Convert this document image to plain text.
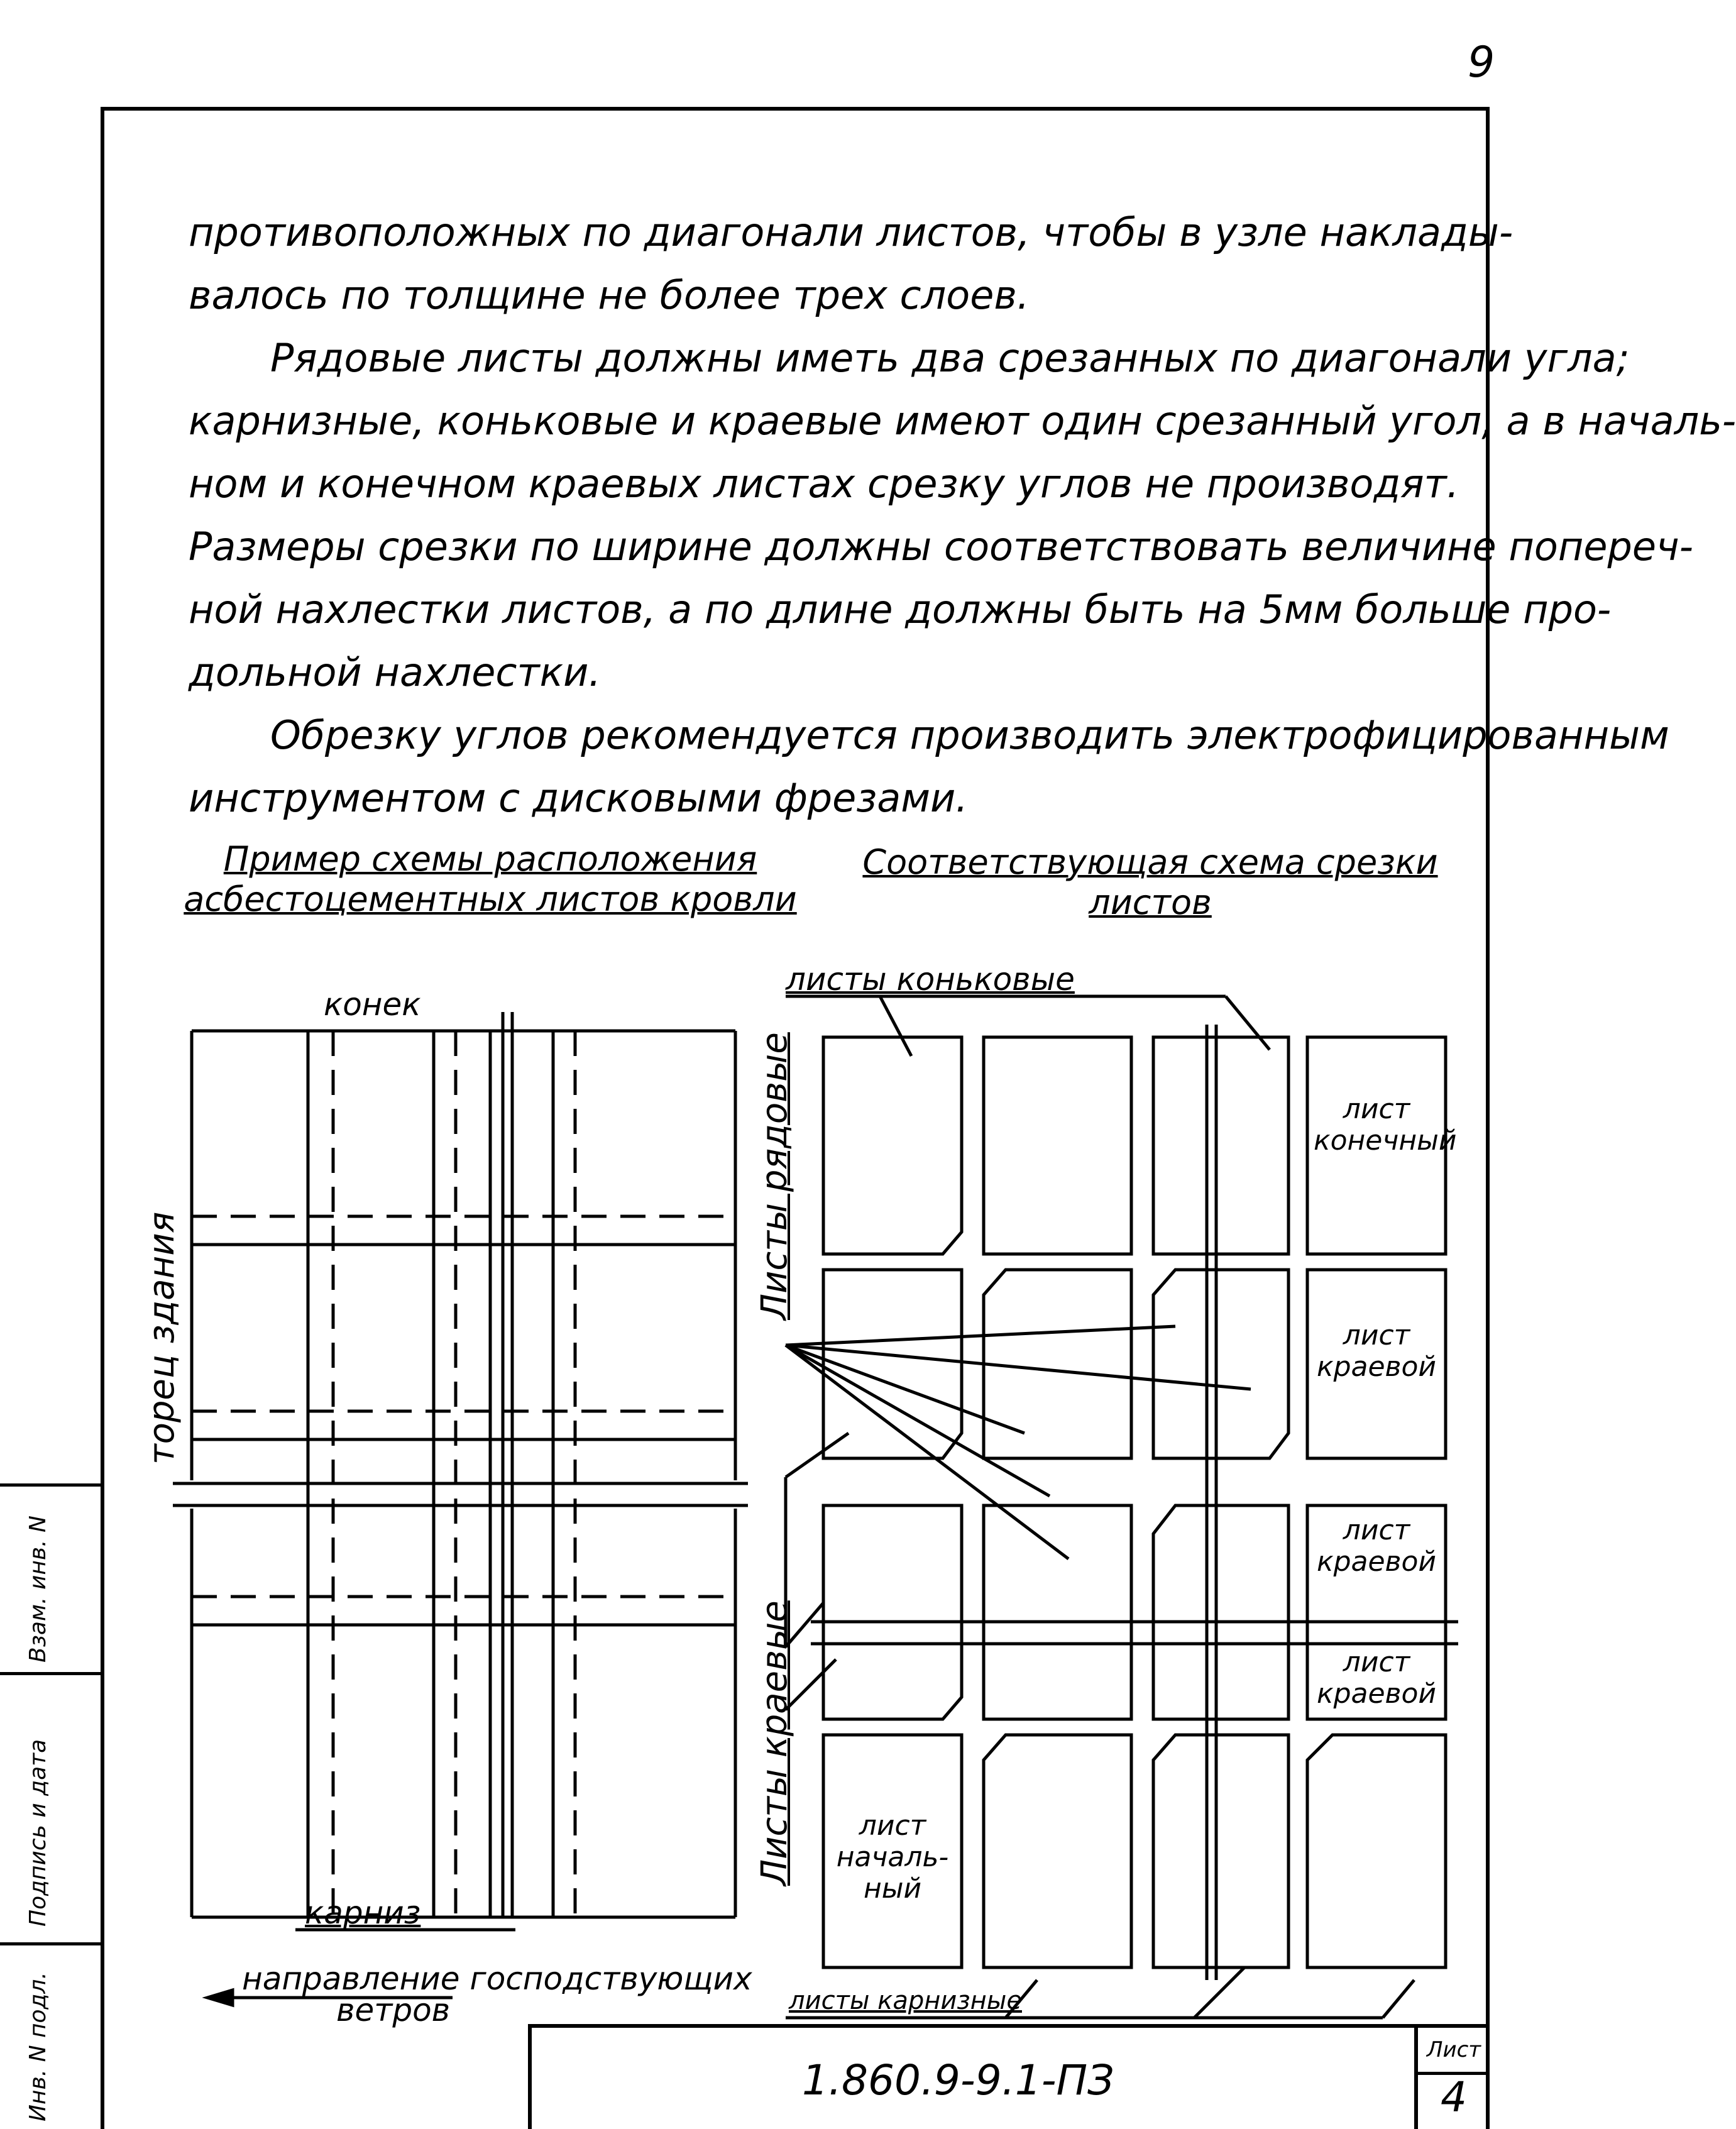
9
противоположных по диагонали листов, чтобы в узле наклады-
валось по толщине не более трех слоев.
Рядовые листы должны иметь два срезанных по диагонали угла;
карнизные, коньковые и краевые имеют один срезанный угол, а в началь-
ном и конечном краевых листах срезку углов не производят.
Размеры срезки по ширине должны соответствовать величине попереч-
ной нахлестки листов, а по длине должны быть на 5мм больше про-
дольной нахлестки.
Обрезку углов рекомендуется производить электрофицированным
инструментом с дисковыми фрезами.
Пример схемы расположения
асбестоцементных листов кровли
Соответствующая схема срезки
листов
конек
торец здания
карниз
направление господствующих
ветров
листы коньковые
Листы рядовые
Листы краевые
листы карнизные
лист
конечный
лист
краевой
лист
краевой
лист
краевой
лист
началь-
ный
Взам. инв. N
Подпись и дата
Инв. N подл.	1.860.9-9.1-ПЗ
Лист
4
